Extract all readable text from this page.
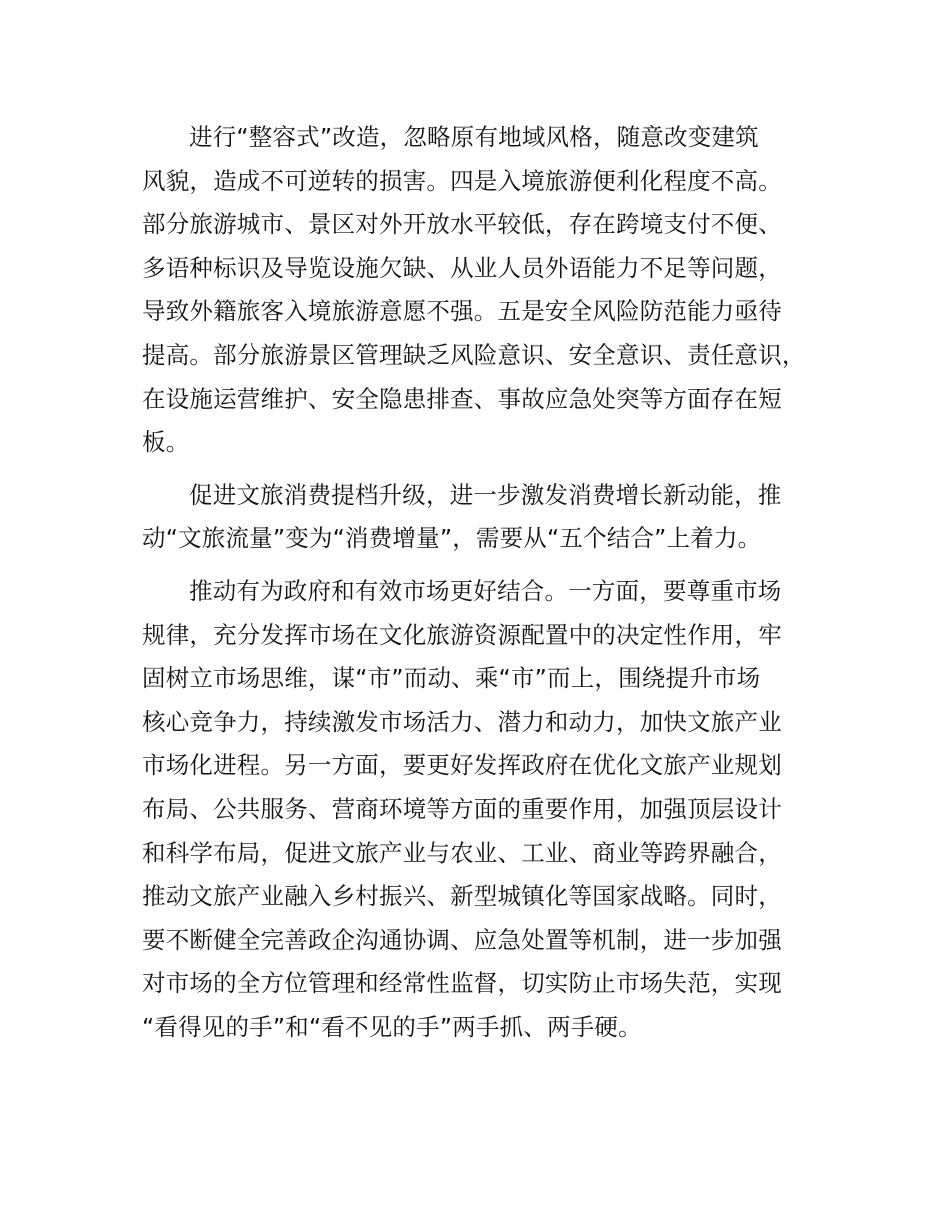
进行“整容式”改造，忽略原有地域风格，随意改变建筑
风貌，造成不可逆转的损害。四是入境旅游便利化程度不高。
部分旅游城市、景区对外开放水平较低，存在跨境支付不便、
多语种标识及导览设施欠缺、从业人员外语能力不足等问题，
导致外籍旅客入境旅游意愿不强。五是安全风险防范能力亟待
提高。部分旅游景区管理缺乏风险意识、安全意识、责任意识，
在设施运营维护、安全隐患排查、事故应急处突等方面存在短
板。
促进文旅消费提档升级，进一步激发消费增长新动能，推
动“文旅流量”变为“消费增量”，需要从“五个结合”上着力。
推动有为政府和有效市场更好结合。一方面，要尊重市场
规律，充分发挥市场在文化旅游资源配置中的决定性作用，牢
固树立市场思维，谋“市”而动、乘“市”而上，围绕提升市场
核心竞争力，持续激发市场活力、潜力和动力，加快文旅产业
市场化进程。另一方面，要更好发挥政府在优化文旅产业规划
布局、公共服务、营商环境等方面的重要作用，加强顶层设计
和科学布局，促进文旅产业与农业、工业、商业等跨界融合，
推动文旅产业融入乡村振兴、新型城镇化等国家战略。同时，
要不断健全完善政企沟通协调、应急处置等机制，进一步加强
对市场的全方位管理和经常性监督，切实防止市场失范，实现
“看得见的手”和“看不见的手”两手抓、两手硬。
